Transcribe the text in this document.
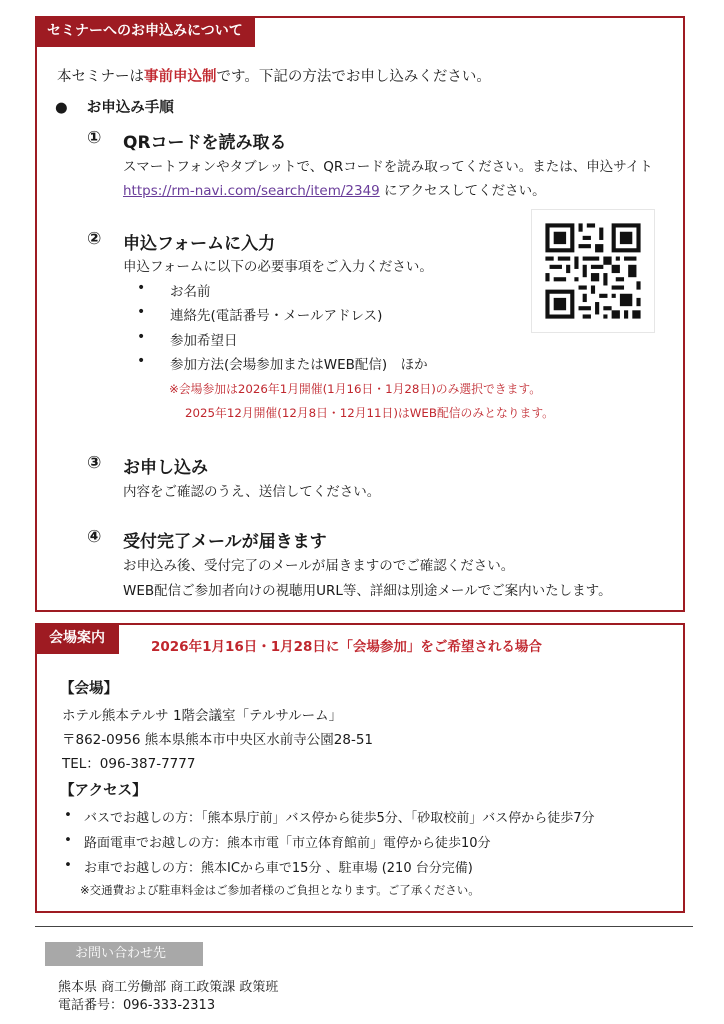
セミナーへのお申込みについて
本セミナーは事前申込制です。下記の方法でお申し込みください。
● お申込み手順
① QRコードを読み取る
スマートフォンやタブレットで、QRコードを読み取ってください。または、申込サイト
https://rm-navi.com/search/item/2349 にアクセスしてください。
② 申込フォームに入力
申込フォームに以下の必要事項をご入力ください。
• お名前
• 連絡先(電話番号・メールアドレス)
• 参加希望日
• 参加方法(会場参加またはWEB配信)　ほか
※会場参加は2026年1月開催(1月16日・1月28日)のみ選択できます。
2025年12月開催(12月8日・12月11日)はWEB配信のみとなります。
③ お申し込み
内容をご確認のうえ、送信してください。
④ 受付完了メールが届きます
お申込み後、受付完了のメールが届きますのでご確認ください。
WEB配信ご参加者向けの視聴用URL等、詳細は別途メールでご案内いたします。
会場案内
2026年1月16日・1月28日に「会場参加」をご希望される場合
【会場】
ホテル熊本テルサ 1階会議室「テルサルーム」
〒862-0956 熊本県熊本市中央区水前寺公園28-51
TEL：096-387-7777
【アクセス】
• バスでお越しの方：「熊本県庁前」バス停から徒歩5分、「砂取校前」バス停から徒歩7分
• 路面電車でお越しの方：熊本市電「市立体育館前」電停から徒歩10分
• お車でお越しの方：熊本ICから車で15分 、駐車場 (210 台分完備)
※交通費および駐車料金はご参加者様のご負担となります。ご了承ください。
お問い合わせ先
熊本県 商工労働部 商工政策課 政策班
電話番号：096-333-2313
